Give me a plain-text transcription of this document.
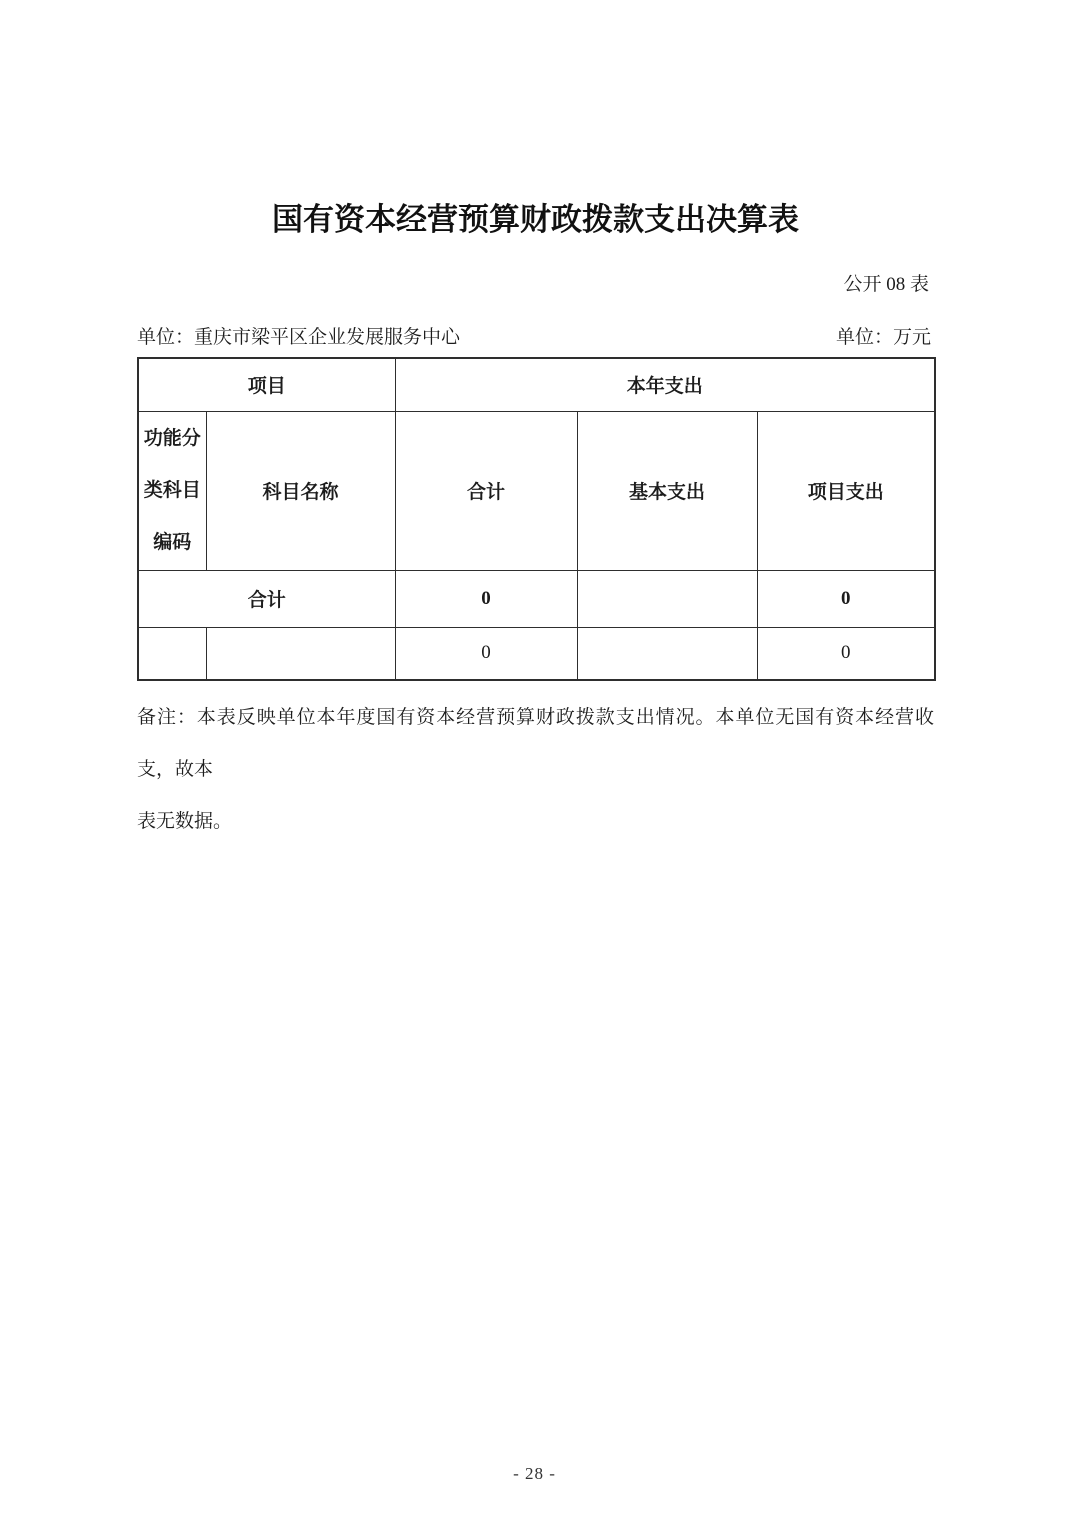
国有资本经营预算财政拨款支出决算表
公开 08 表
单位：重庆市梁平区企业发展服务中心	单位：万元
项目		本年支出		

功能分
类科目
编码	科目名称	合计	基本支出	项目支出
合计		0		0
		0		0
备注：本表反映单位本年度国有资本经营预算财政拨款支出情况。本单位无国有资本经营收支，故本
表无数据。
- 28 -
